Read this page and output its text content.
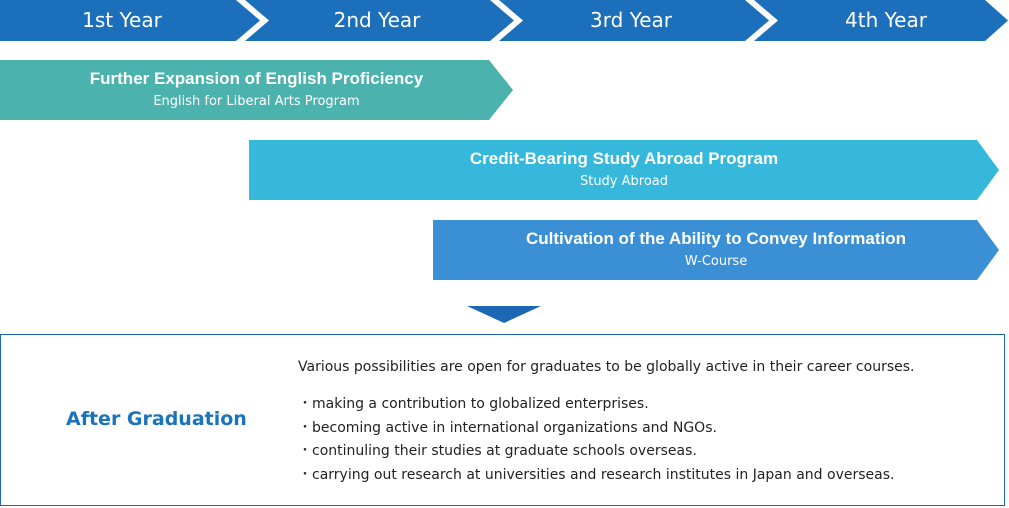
1st Year	2nd Year	3rd Year	4th Year
Further Expansion of English Proficiency
English for Liberal Arts Program
Credit-Bearing Study Abroad Program
Study Abroad
Cultivation of the Ability to Convey Information
W-Course
After Graduation
Various possibilities are open for graduates to be globally active in their career courses.
・making a contribution to globalized enterprises.
・becoming active in international organizations and NGOs.
・continuling their studies at graduate schools overseas.
・carrying out research at universities and research institutes in Japan and overseas.
